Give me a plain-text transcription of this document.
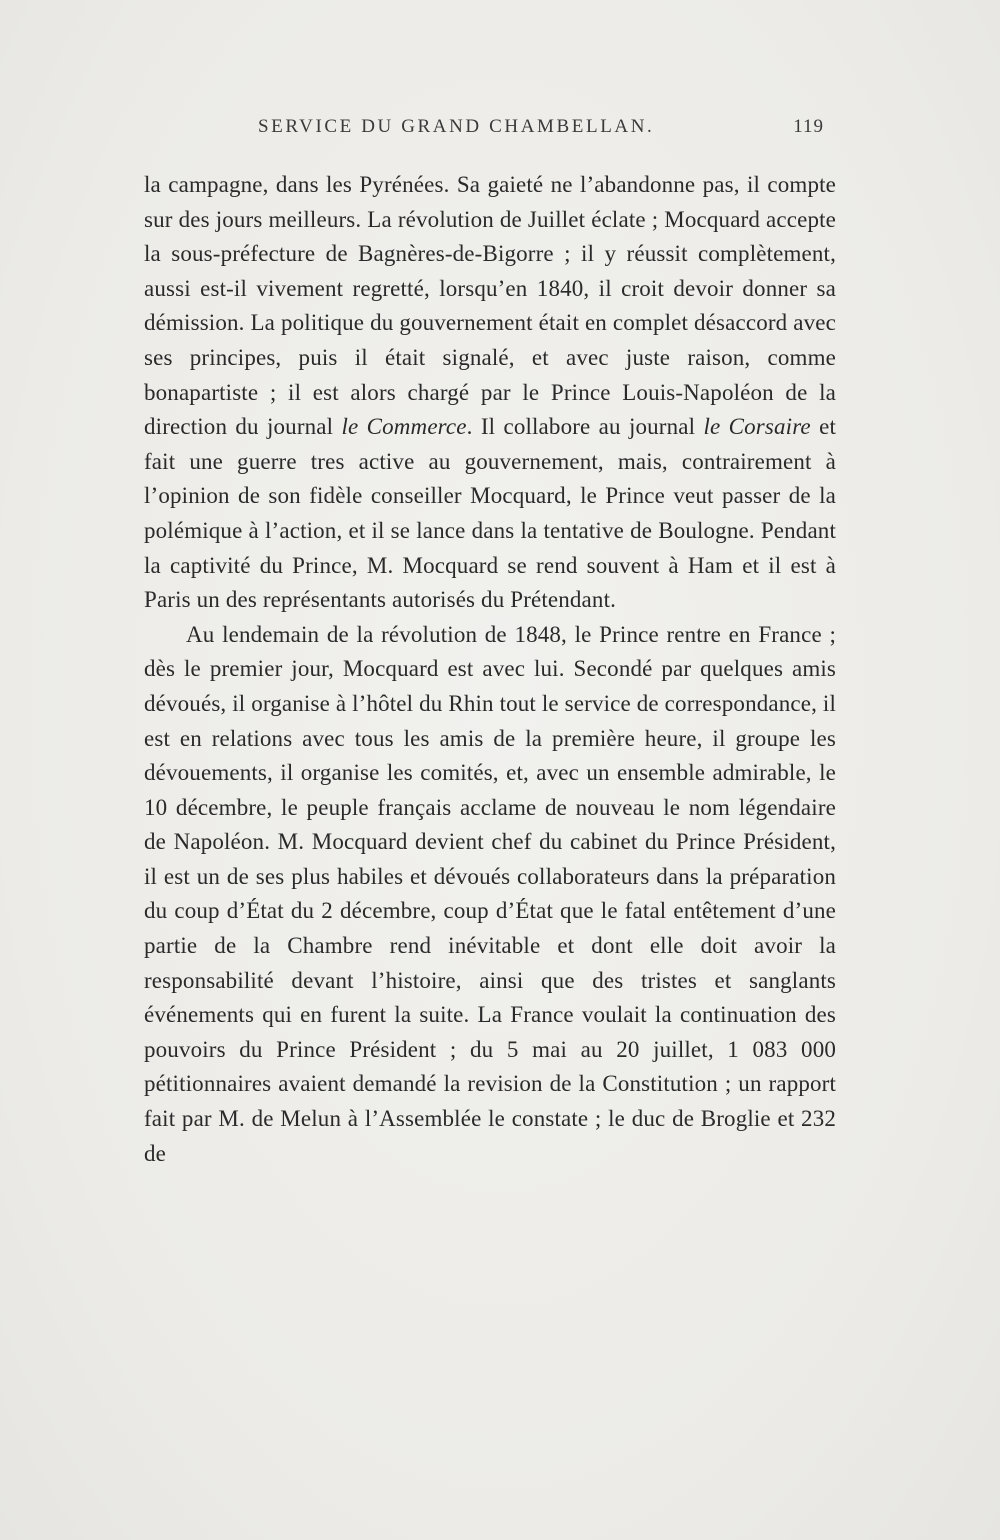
SERVICE DU GRAND CHAMBELLAN.	119

la campagne, dans les Pyrénées. Sa gaieté ne l’abandonne pas, il compte sur des jours meilleurs. La révolution de Juillet éclate ; Mocquard accepte la sous-préfecture de Bagnères-de-Bigorre ; il y réussit complètement, aussi est-il vivement regretté, lorsqu’en 1840, il croit devoir donner sa démission. La politique du gouvernement était en complet désaccord avec ses principes, puis il était signalé, et avec juste raison, comme bonapartiste ; il est alors chargé par le Prince Louis-Napoléon de la direction du journal le Commerce. Il collabore au journal le Corsaire et fait une guerre tres active au gouvernement, mais, contrairement à l’opinion de son fidèle conseiller Mocquard, le Prince veut passer de la polémique à l’action, et il se lance dans la tentative de Boulogne. Pendant la captivité du Prince, M. Mocquard se rend souvent à Ham et il est à Paris un des représentants autorisés du Prétendant.

Au lendemain de la révolution de 1848, le Prince rentre en France ; dès le premier jour, Mocquard est avec lui. Secondé par quelques amis dévoués, il organise à l’hôtel du Rhin tout le service de correspondance, il est en relations avec tous les amis de la première heure, il groupe les dévouements, il organise les comités, et, avec un ensemble admirable, le 10 décembre, le peuple français acclame de nouveau le nom légendaire de Napoléon. M. Mocquard devient chef du cabinet du Prince Président, il est un de ses plus habiles et dévoués collaborateurs dans la préparation du coup d’État du 2 décembre, coup d’État que le fatal entêtement d’une partie de la Chambre rend inévitable et dont elle doit avoir la responsabilité devant l’histoire, ainsi que des tristes et sanglants événements qui en furent la suite. La France voulait la continuation des pouvoirs du Prince Président ; du 5 mai au 20 juillet, 1 083 000 pétitionnaires avaient demandé la revision de la Constitution ; un rapport fait par M. de Melun à l’Assemblée le constate ; le duc de Broglie et 232 de
